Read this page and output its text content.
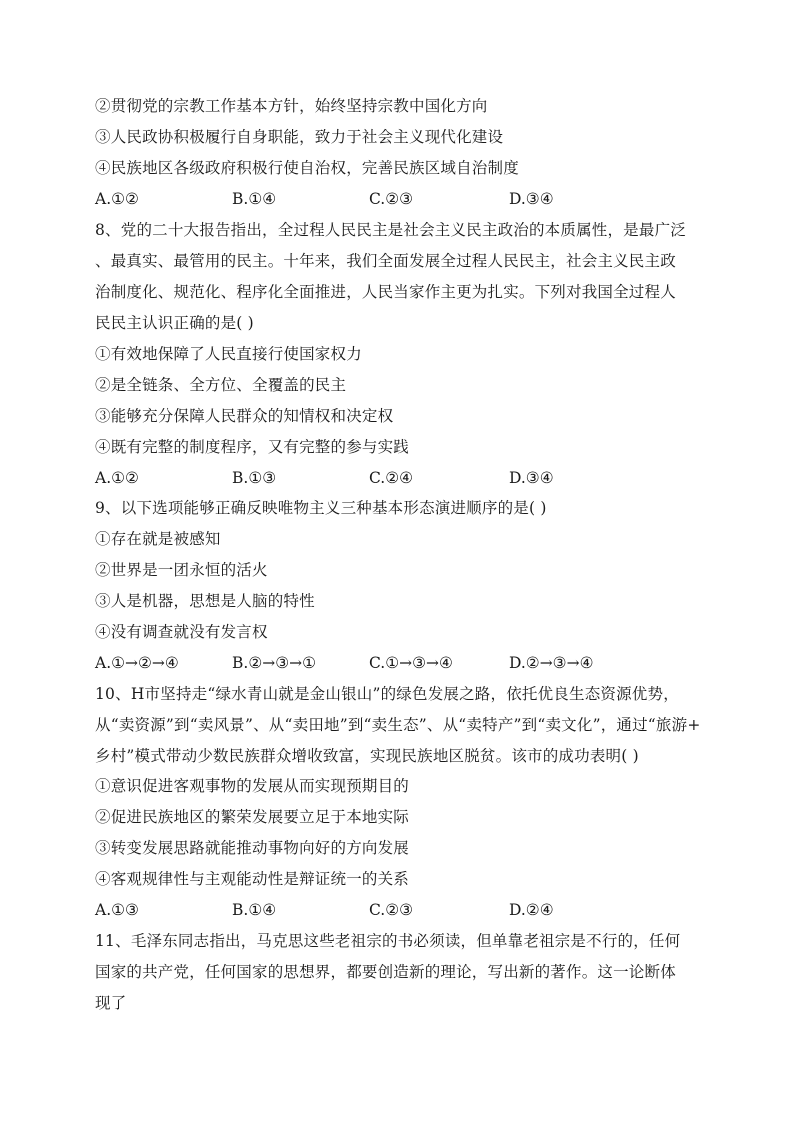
②贯彻党的宗教工作基本方针，始终坚持宗教中国化方向
③人民政协积极履行自身职能，致力于社会主义现代化建设
④民族地区各级政府积极行使自治权，完善民族区域自治制度
A.①②	B.①④	C.②③	D.③④
8、党的二十大报告指出，全过程人民民主是社会主义民主政治的本质属性，是最广泛
、最真实、最管用的民主。十年来，我们全面发展全过程人民民主，社会主义民主政
治制度化、规范化、程序化全面推进，人民当家作主更为扎实。下列对我国全过程人
民民主认识正确的是( )
①有效地保障了人民直接行使国家权力
②是全链条、全方位、全覆盖的民主
③能够充分保障人民群众的知情权和决定权
④既有完整的制度程序，又有完整的参与实践
A.①②	B.①③	C.②④	D.③④
9、以下选项能够正确反映唯物主义三种基本形态演进顺序的是( )
①存在就是被感知
②世界是一团永恒的活火
③人是机器，思想是人脑的特性
④没有调查就没有发言权
A.①→②→④	B.②→③→①	C.①→③→④	D.②→③→④
10、H市坚持走“绿水青山就是金山银山”的绿色发展之路，依托优良生态资源优势，
从“卖资源”到“卖风景”、从“卖田地”到“卖生态”、从“卖特产”到“卖文化”，通过“旅游+
乡村”模式带动少数民族群众增收致富，实现民族地区脱贫。该市的成功表明( )
①意识促进客观事物的发展从而实现预期目的
②促进民族地区的繁荣发展要立足于本地实际
③转变发展思路就能推动事物向好的方向发展
④客观规律性与主观能动性是辩证统一的关系
A.①③	B.①④	C.②③	D.②④
11、毛泽东同志指出，马克思这些老祖宗的书必须读，但单靠老祖宗是不行的，任何
国家的共产党，任何国家的思想界，都要创造新的理论，写出新的著作。这一论断体
现了
